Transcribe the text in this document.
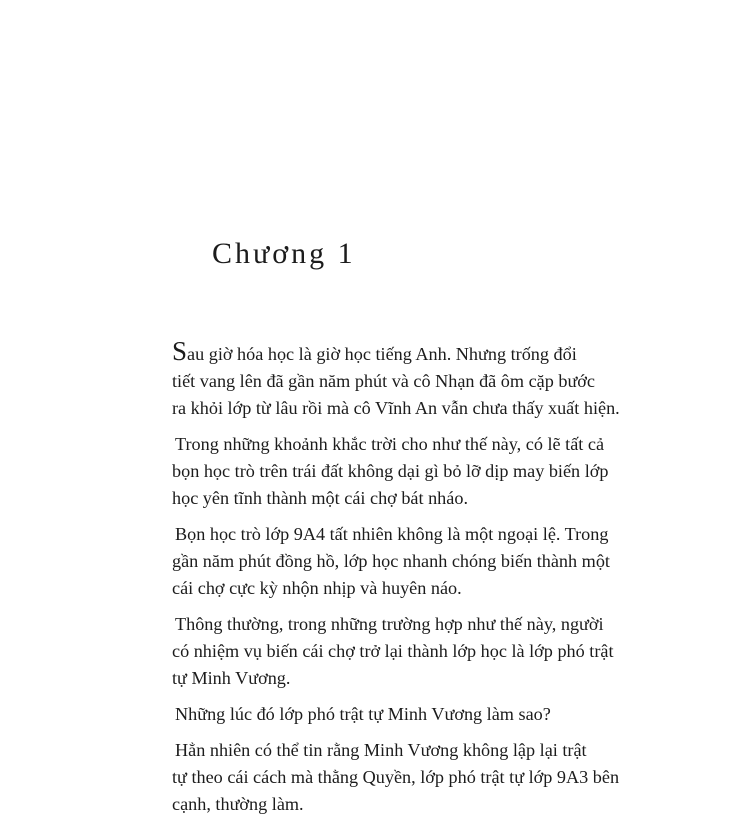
Chương 1
Sau giờ hóa học là giờ học tiếng Anh. Nhưng trống đổi
tiết vang lên đã gần năm phút và cô Nhạn đã ôm cặp bước
ra khỏi lớp từ lâu rồi mà cô Vĩnh An vẫn chưa thấy xuất hiện.
Trong những khoảnh khắc trời cho như thế này, có lẽ tất cả
bọn học trò trên trái đất không dại gì bỏ lỡ dịp may biến lớp
học yên tĩnh thành một cái chợ bát nháo.
Bọn học trò lớp 9A4 tất nhiên không là một ngoại lệ. Trong
gần năm phút đồng hồ, lớp học nhanh chóng biến thành một
cái chợ cực kỳ nhộn nhịp và huyên náo.
Thông thường, trong những trường hợp như thế này, người
có nhiệm vụ biến cái chợ trở lại thành lớp học là lớp phó trật
tự Minh Vương.
Những lúc đó lớp phó trật tự Minh Vương làm sao?
Hẳn nhiên có thể tin rằng Minh Vương không lập lại trật
tự theo cái cách mà thằng Quyền, lớp phó trật tự lớp 9A3 bên
cạnh, thường làm.
